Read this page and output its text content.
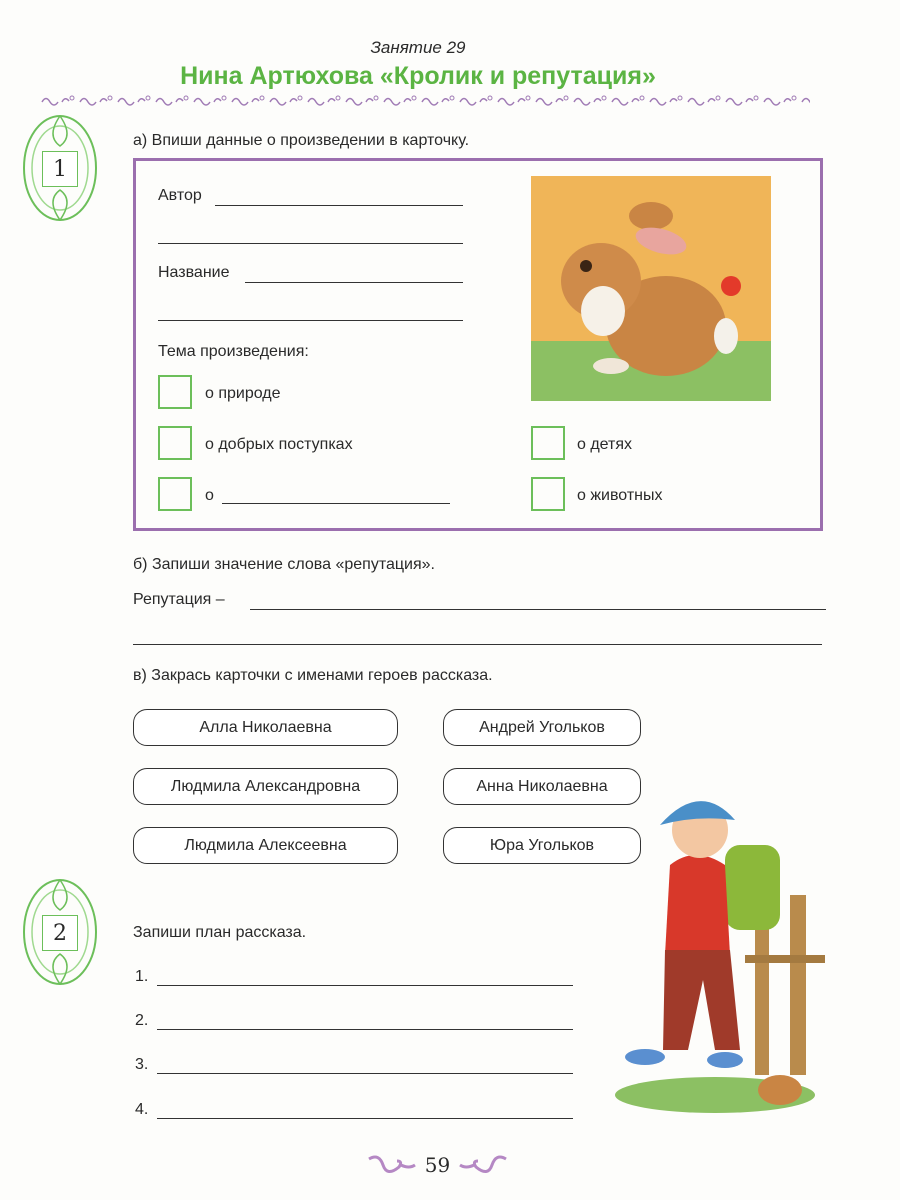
Занятие 29
Нина Артюхова «Кролик и репутация»
1
а) Впиши данные о произведении в карточку.
Автор
Название
Тема произведения:
о природе
о добрых поступках
о
о детях
о животных
б) Запиши значение слова «репутация».
Репутация –
в) Закрась карточки с именами героев рассказа.
Алла Николаевна	Андрей Угольков
Людмила Александровна	Анна Николаевна
Людмила Алексеевна	Юра Угольков
2	Запиши план рассказа.
1.
2.
3.
4.
59
